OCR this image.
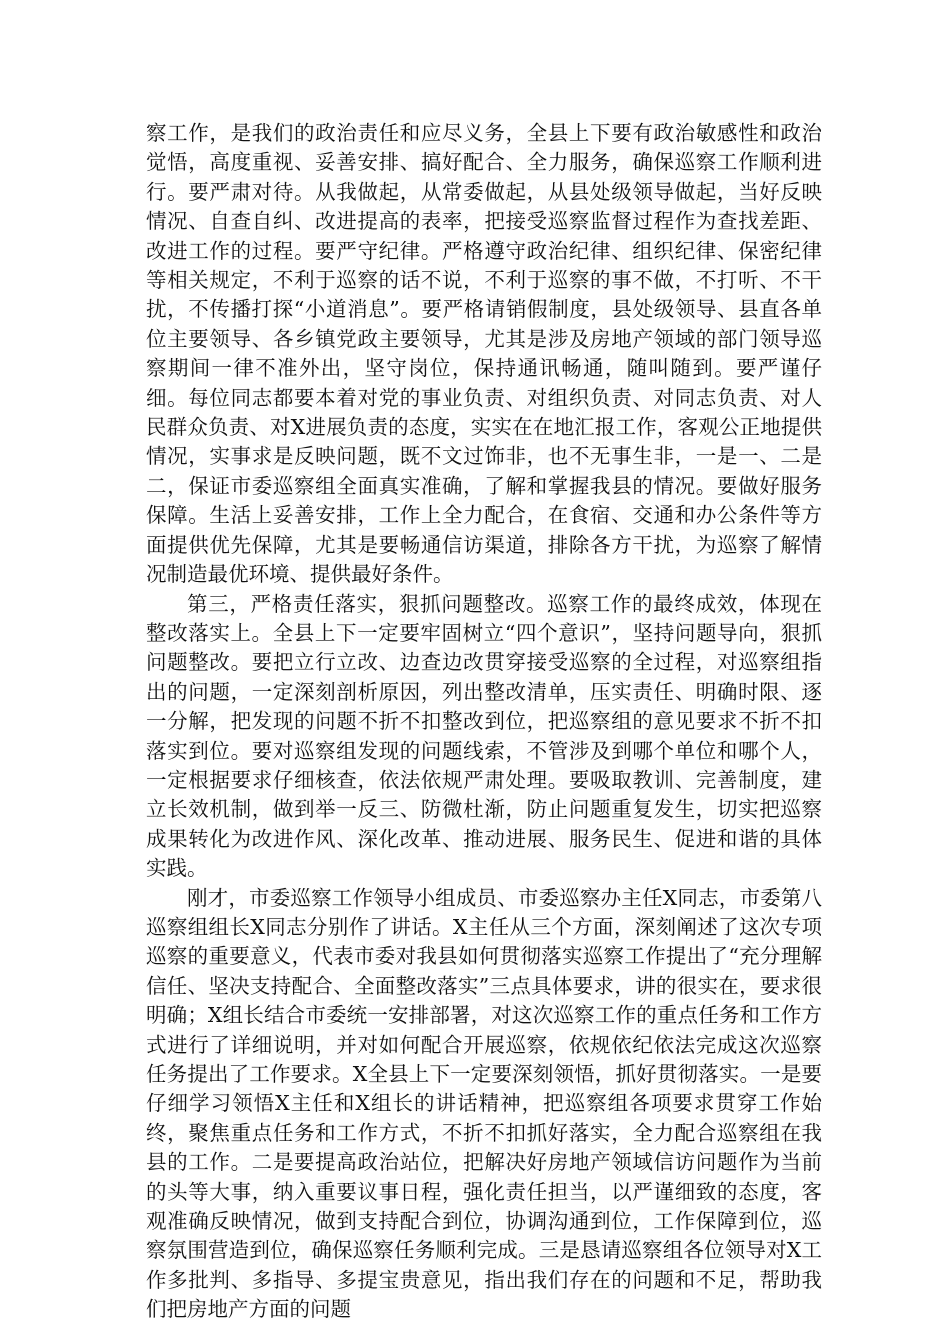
察工作，是我们的政治责任和应尽义务，全县上下要有政治敏感性和政治觉悟，高度重视、妥善安排、搞好配合、全力服务，确保巡察工作顺利进行。要严肃对待。从我做起，从常委做起，从县处级领导做起，当好反映情况、自查自纠、改进提高的表率，把接受巡察监督过程作为查找差距、改进工作的过程。要严守纪律。严格遵守政治纪律、组织纪律、保密纪律等相关规定，不利于巡察的话不说，不利于巡察的事不做，不打听、不干扰，不传播打探“小道消息”。要严格请销假制度，县处级领导、县直各单位主要领导、各乡镇党政主要领导，尤其是涉及房地产领域的部门领导巡察期间一律不准外出，坚守岗位，保持通讯畅通，随叫随到。要严谨仔细。每位同志都要本着对党的事业负责、对组织负责、对同志负责、对人民群众负责、对X进展负责的态度，实实在在地汇报工作，客观公正地提供情况，实事求是反映问题，既不文过饰非，也不无事生非，一是一、二是二，保证市委巡察组全面真实准确，了解和掌握我县的情况。要做好服务保障。生活上妥善安排，工作上全力配合，在食宿、交通和办公条件等方面提供优先保障，尤其是要畅通信访渠道，排除各方干扰，为巡察了解情况制造最优环境、提供最好条件。

第三，严格责任落实，狠抓问题整改。巡察工作的最终成效，体现在整改落实上。全县上下一定要牢固树立“四个意识”，坚持问题导向，狠抓问题整改。要把立行立改、边查边改贯穿接受巡察的全过程，对巡察组指出的问题，一定深刻剖析原因，列出整改清单，压实责任、明确时限、逐一分解，把发现的问题不折不扣整改到位，把巡察组的意见要求不折不扣落实到位。要对巡察组发现的问题线索，不管涉及到哪个单位和哪个人，一定根据要求仔细核查，依法依规严肃处理。要吸取教训、完善制度，建立长效机制，做到举一反三、防微杜渐，防止问题重复发生，切实把巡察成果转化为改进作风、深化改革、推动进展、服务民生、促进和谐的具体实践。

刚才，市委巡察工作领导小组成员、市委巡察办主任X同志，市委第八巡察组组长X同志分别作了讲话。X主任从三个方面，深刻阐述了这次专项巡察的重要意义，代表市委对我县如何贯彻落实巡察工作提出了“充分理解信任、坚决支持配合、全面整改落实”三点具体要求，讲的很实在，要求很明确；X组长结合市委统一安排部署，对这次巡察工作的重点任务和工作方式进行了详细说明，并对如何配合开展巡察，依规依纪依法完成这次巡察任务提出了工作要求。X全县上下一定要深刻领悟，抓好贯彻落实。一是要仔细学习领悟X主任和X组长的讲话精神，把巡察组各项要求贯穿工作始终，聚焦重点任务和工作方式，不折不扣抓好落实，全力配合巡察组在我县的工作。二是要提高政治站位，把解决好房地产领域信访问题作为当前的头等大事，纳入重要议事日程，强化责任担当，以严谨细致的态度，客观准确反映情况，做到支持配合到位，协调沟通到位，工作保障到位，巡察氛围营造到位，确保巡察任务顺利完成。三是恳请巡察组各位领导对X工作多批判、多指导、多提宝贵意见，指出我们存在的问题和不足，帮助我们把房地产方面的问题
